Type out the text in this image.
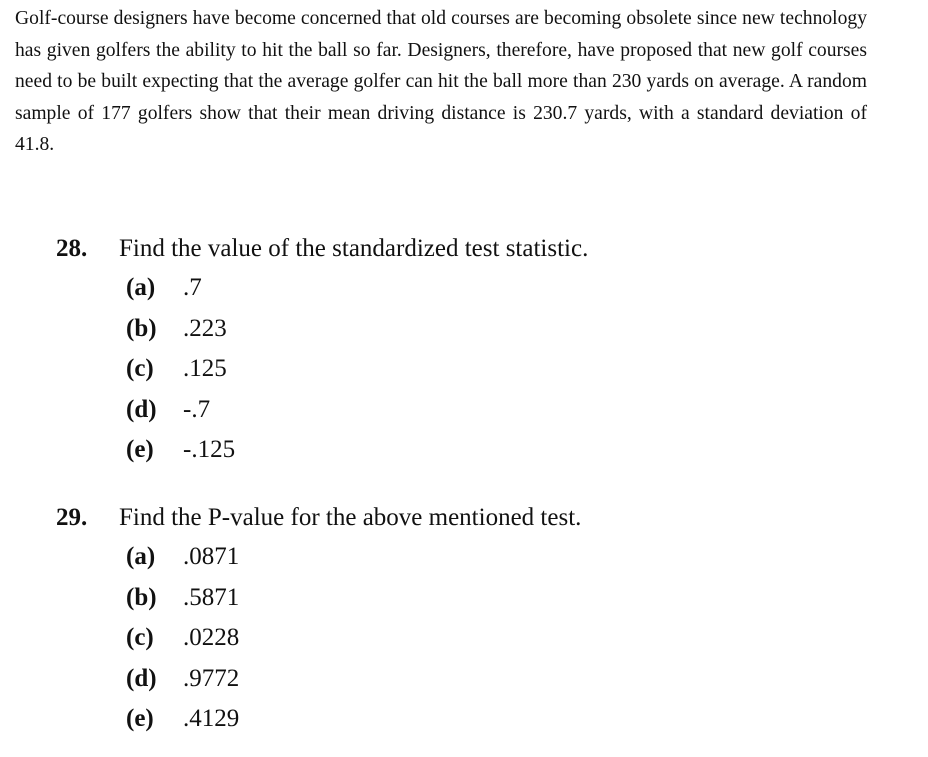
Golf-course designers have become concerned that old courses are becoming obsolete since new technology has given golfers the ability to hit the ball so far. Designers, therefore, have proposed that new golf courses need to be built expecting that the average golfer can hit the ball more than 230 yards on average. A random sample of 177 golfers show that their mean driving distance is 230.7 yards, with a standard deviation of 41.8.

28. Find the value of the standardized test statistic.
(a) .7
(b) .223
(c) .125
(d) -.7
(e) -.125
29. Find the P-value for the above mentioned test.
(a) .0871
(b) .5871
(c) .0228
(d) .9772
(e) .4129
